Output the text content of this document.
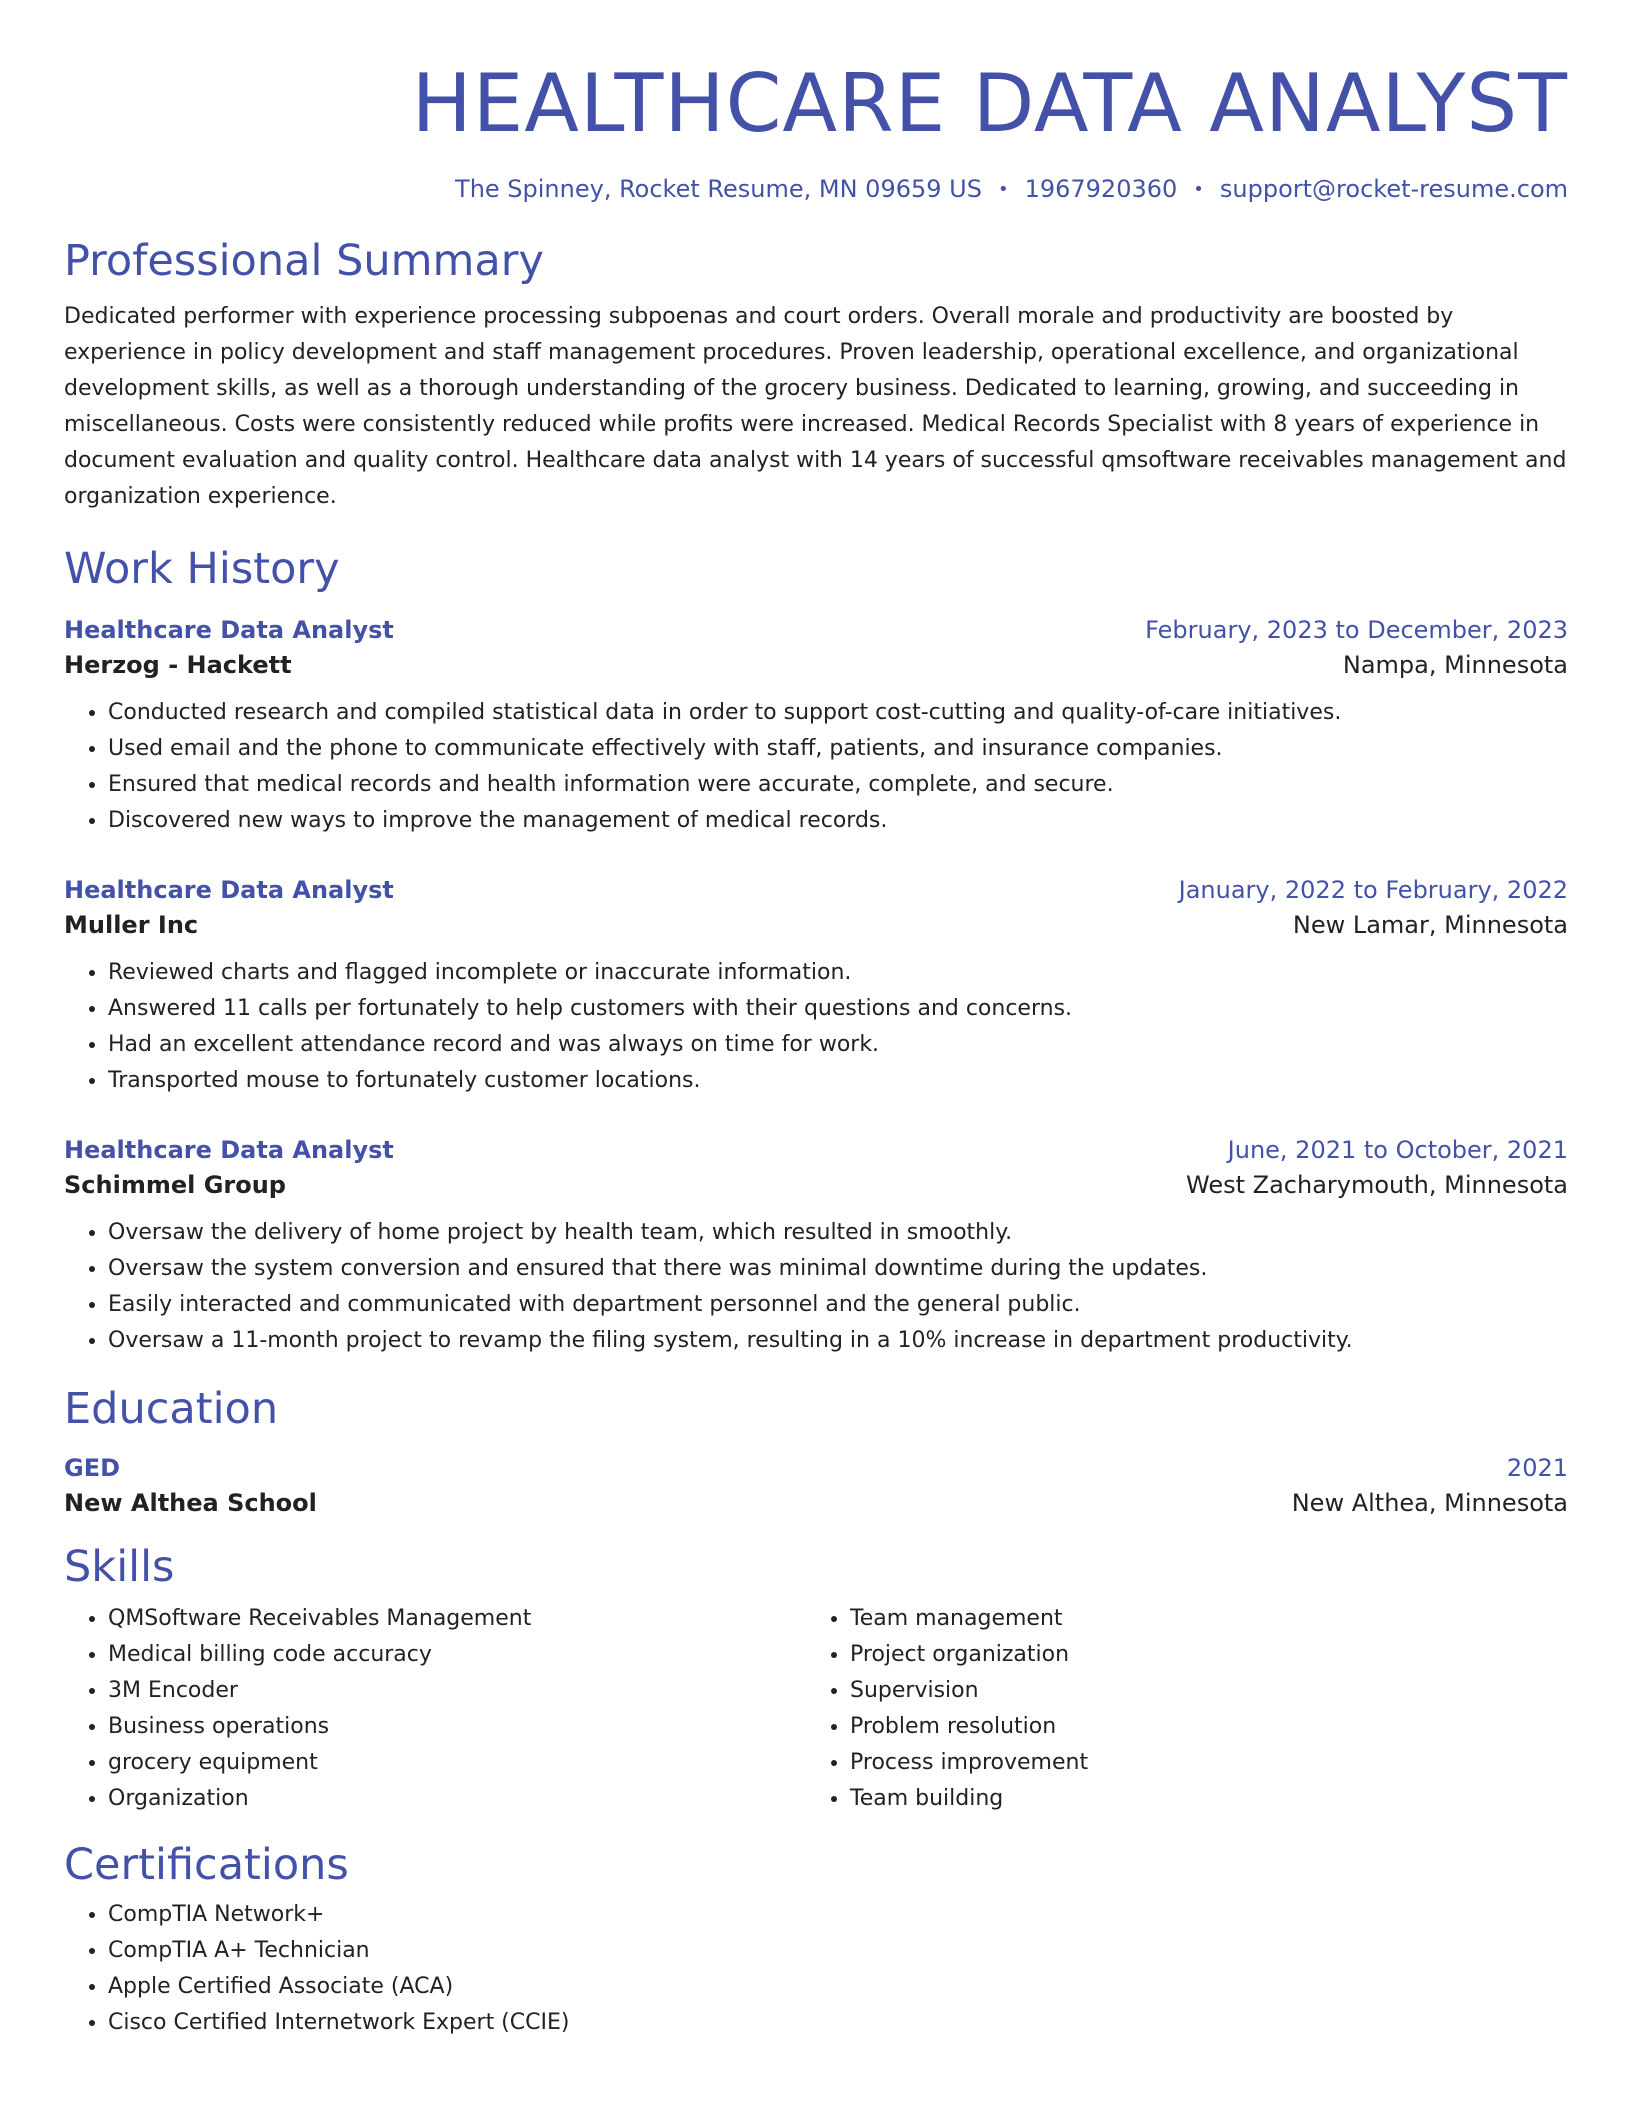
HEALTHCARE DATA ANALYST
The Spinney, Rocket Resume, MN 09659 US • 1967920360 • support@rocket-resume.com
Professional Summary

Dedicated performer with experience processing subpoenas and court orders. Overall morale and productivity are boosted by experience in policy development and staff management procedures. Proven leadership, operational excellence, and organizational development skills, as well as a thorough understanding of the grocery business. Dedicated to learning, growing, and succeeding in miscellaneous. Costs were consistently reduced while profits were increased. Medical Records Specialist with 8 years of experience in document evaluation and quality control. Healthcare data analyst with 14 years of successful qmsoftware receivables management and organization experience.

Work History
Healthcare Data Analyst	February, 2023 to December, 2023
Herzog - Hackett	Nampa, Minnesota
• Conducted research and compiled statistical data in order to support cost-cutting and quality-of-care initiatives.
• Used email and the phone to communicate effectively with staff, patients, and insurance companies.
• Ensured that medical records and health information were accurate, complete, and secure.
• Discovered new ways to improve the management of medical records.
Healthcare Data Analyst	January, 2022 to February, 2022
Muller Inc	New Lamar, Minnesota
• Reviewed charts and flagged incomplete or inaccurate information.
• Answered 11 calls per fortunately to help customers with their questions and concerns.
• Had an excellent attendance record and was always on time for work.
• Transported mouse to fortunately customer locations.
Healthcare Data Analyst	June, 2021 to October, 2021
Schimmel Group	West Zacharymouth, Minnesota
• Oversaw the delivery of home project by health team, which resulted in smoothly.
• Oversaw the system conversion and ensured that there was minimal downtime during the updates.
• Easily interacted and communicated with department personnel and the general public.
• Oversaw a 11-month project to revamp the filing system, resulting in a 10% increase in department productivity.
Education
GED	2021
New Althea School	New Althea, Minnesota
Skills
• QMSoftware Receivables Management
• Medical billing code accuracy
• 3M Encoder
• Business operations
• grocery equipment
• Organization
• Team management
• Project organization
• Supervision
• Problem resolution
• Process improvement
• Team building
Certifications
• CompTIA Network+
• CompTIA A+ Technician
• Apple Certified Associate (ACA)
• Cisco Certified Internetwork Expert (CCIE)
